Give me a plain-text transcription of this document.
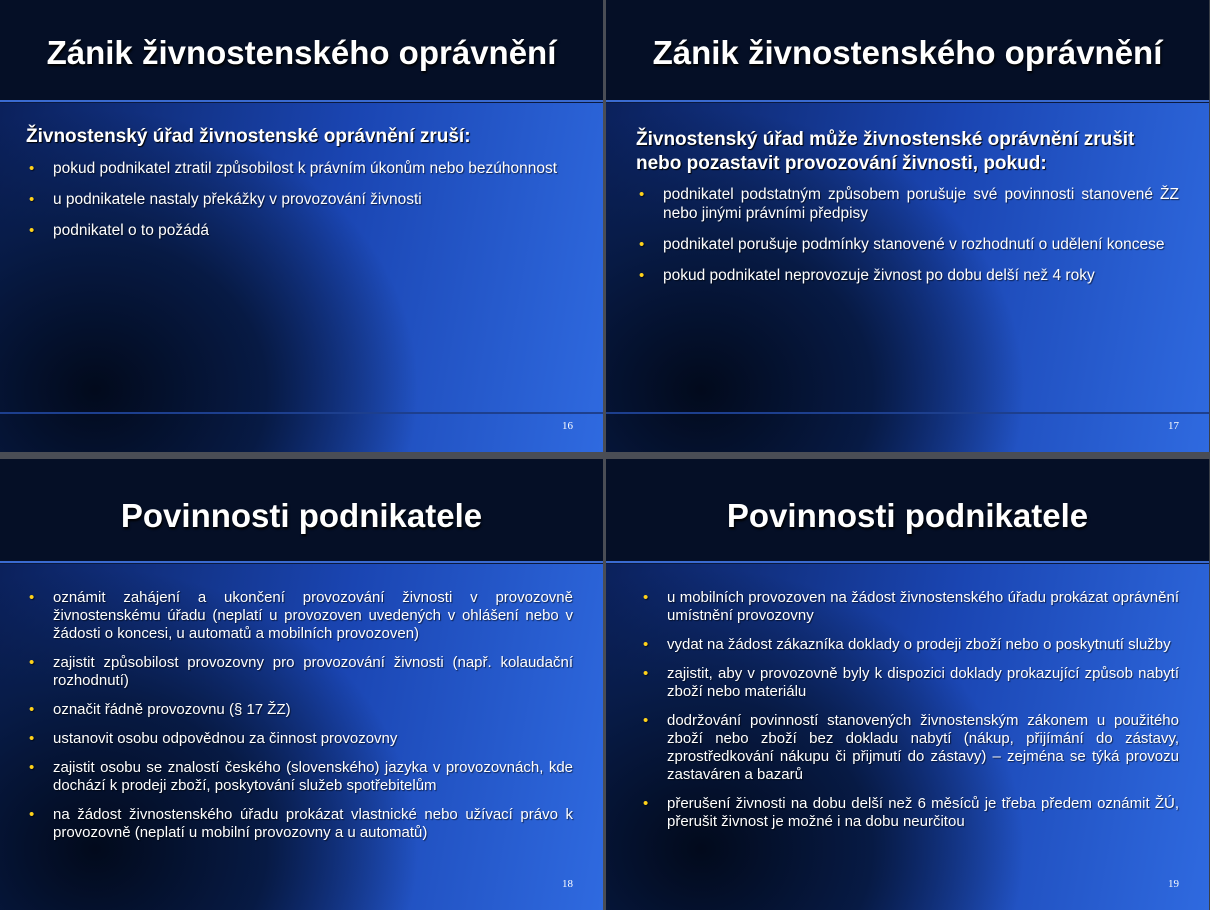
Zánik živnostenského oprávnění
Živnostenský úřad živnostenské oprávnění zruší:
• pokud podnikatel ztratil způsobilost k právním úkonům nebo bezúhonnost
• u podnikatele nastaly překážky v provozování živnosti
• podnikatel o to požádá
16
Zánik živnostenského oprávnění
Živnostenský úřad může živnostenské oprávnění zrušit nebo pozastavit provozování živnosti, pokud:
• podnikatel podstatným způsobem porušuje své povinnosti stanovené ŽZ nebo jinými právními předpisy
• podnikatel porušuje podmínky stanovené v rozhodnutí o udělení koncese
• pokud podnikatel neprovozuje živnost po dobu delší než 4 roky
17
Povinnosti podnikatele
• oznámit zahájení a ukončení provozování živnosti v provozovně živnostenskému úřadu (neplatí u provozoven uvedených v ohlášení nebo v žádosti o koncesi, u automatů a mobilních provozoven)
• zajistit způsobilost provozovny pro provozování živnosti (např. kolaudační rozhodnutí)
• označit řádně provozovnu (§ 17 ŽZ)
• ustanovit osobu odpovědnou za činnost provozovny
• zajistit osobu se znalostí českého (slovenského) jazyka v provozovnách, kde dochází k prodeji zboží, poskytování služeb spotřebitelům
• na žádost živnostenského úřadu prokázat vlastnické nebo užívací právo k provozovně (neplatí u mobilní provozovny a u automatů)
18
Povinnosti podnikatele
• u mobilních provozoven na žádost živnostenského úřadu prokázat oprávnění umístnění provozovny
• vydat na žádost zákazníka doklady o prodeji zboží nebo o poskytnutí služby
• zajistit, aby v provozovně byly k dispozici doklady prokazující způsob nabytí zboží nebo materiálu
• dodržování povinností stanovených živnostenským zákonem u použitého zboží nebo zboží bez dokladu nabytí (nákup, přijímání do zástavy, zprostředkování nákupu či přijmutí do zástavy) – zejména se týká provozu zastaváren a bazarů
• přerušení živnosti na dobu delší než 6 měsíců je třeba předem oznámit ŽÚ, přerušit živnost je možné i na dobu neurčitou
19
